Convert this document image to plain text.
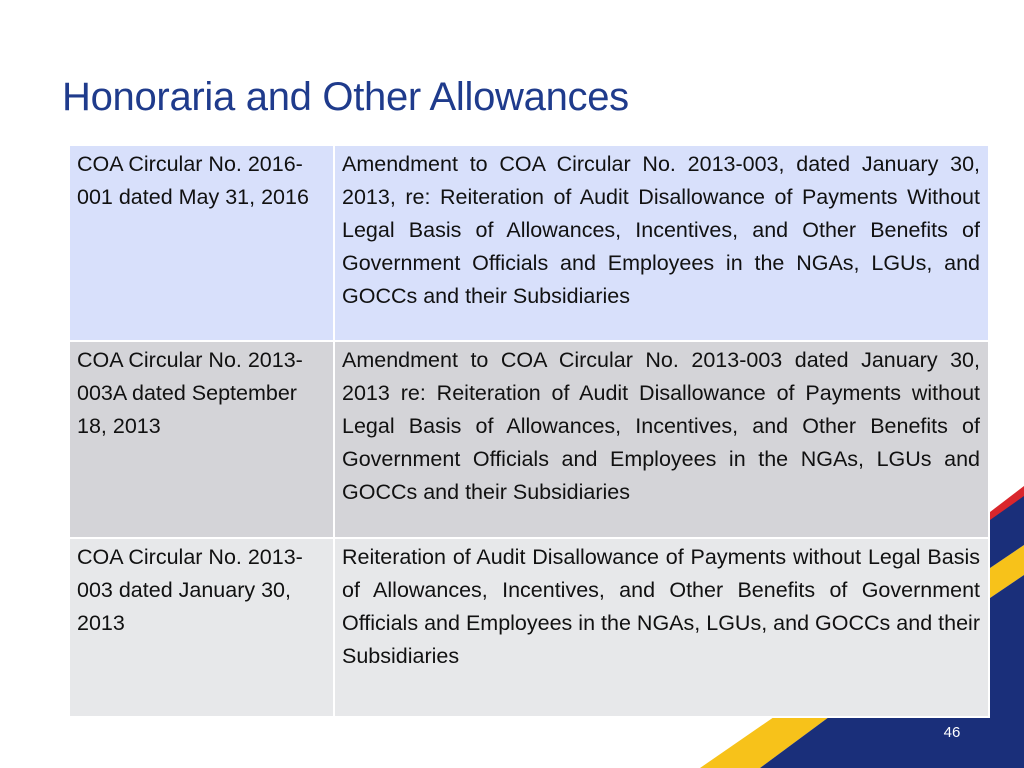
Honoraria and Other Allowances
COA Circular No. 2016-001 dated May 31, 2016	Amendment to COA Circular No. 2013-003, dated January 30, 2013, re: Reiteration of Audit Disallowance of Payments Without Legal Basis of Allowances, Incentives, and Other Benefits of Government Officials and Employees in the NGAs, LGUs, and GOCCs and their Subsidiaries
COA Circular No. 2013-003A dated September 18, 2013	Amendment to COA Circular No. 2013-003 dated January 30, 2013 re: Reiteration of Audit Disallowance of Payments without Legal Basis of Allowances, Incentives, and Other Benefits of Government Officials and Employees in the NGAs, LGUs and GOCCs and their Subsidiaries
COA Circular No. 2013-003 dated January 30, 2013	Reiteration of Audit Disallowance of Payments without Legal Basis of Allowances, Incentives, and Other Benefits of Government Officials and Employees in the NGAs, LGUs, and GOCCs and their Subsidiaries
46
